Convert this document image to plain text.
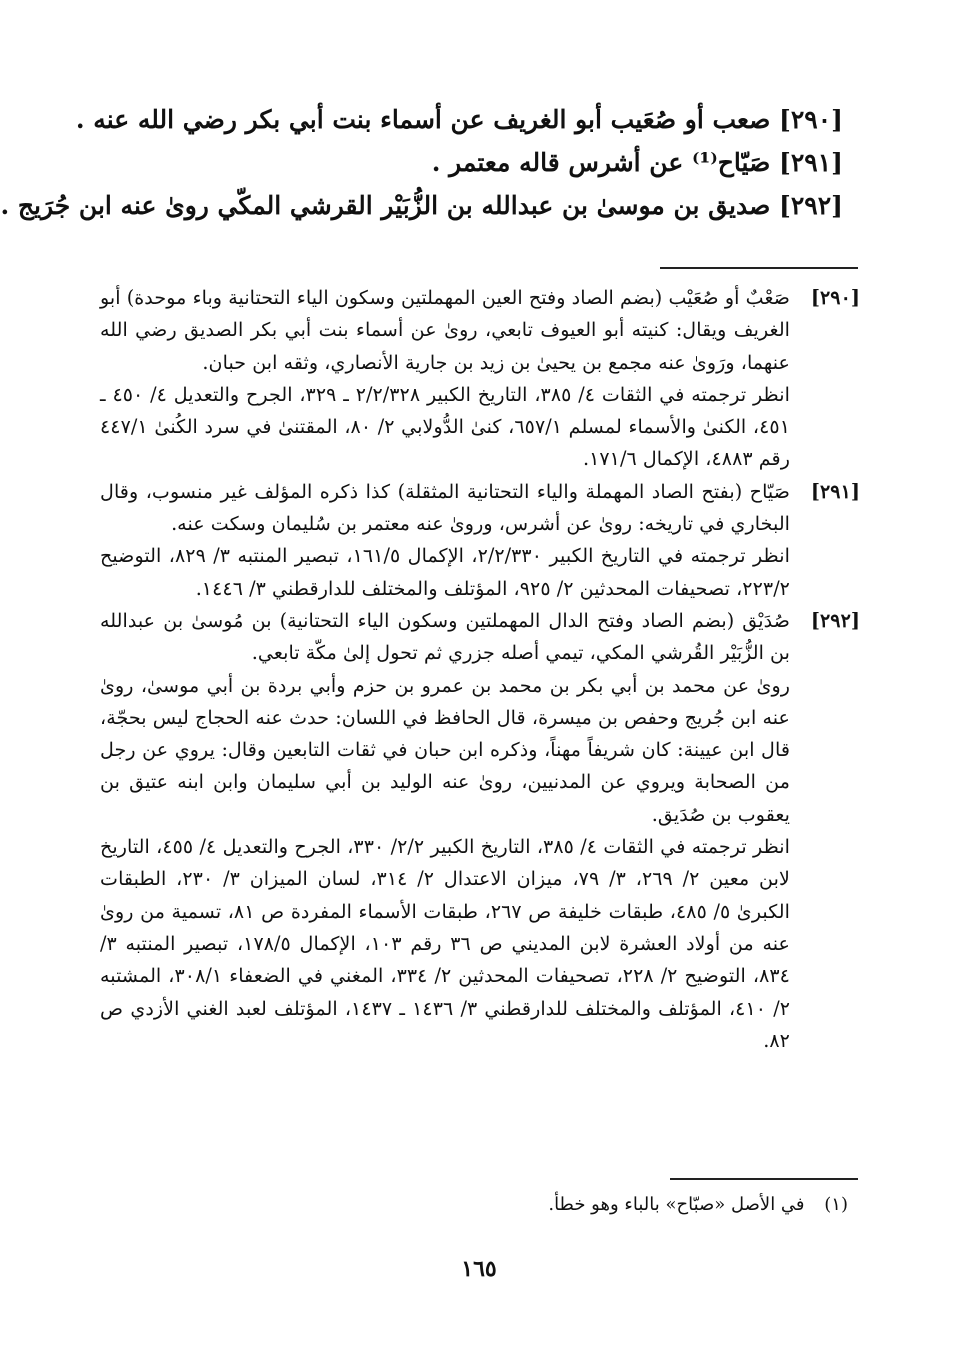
[٢٩٠] صعب أو صُعَيب أبو الغريف عن أسماء بنت أبي بكر رضي الله عنه .
[٢٩١] صَيّاح⁽¹⁾ عن أشرس قاله معتمر .
[٢٩٢] صديق بن موسىٰ بن عبدالله بن الزُّبَيْر القرشي المكّي روىٰ عنه ابن جُرَيج .
[٢٩٠]
صَعْبٌ أو صُعَيْب (بضم الصاد وفتح العين المهملتين وسكون الياء التحتانية وباء موحدة) أبو الغريف ويقال: كنيته أبو العيوف تابعي، روىٰ عن أسماء بنت أبي بكر الصديق رضي الله عنهما، ورَوىٰ عنه مجمع بن يحيىٰ بن زيد بن جارية الأنصاري، وثقه ابن حبان.
انظر ترجمته في الثقات ٤/ ٣٨٥، التاريخ الكبير ٢/٢/٣٢٨ ـ ٣٢٩، الجرح والتعديل ٤/ ٤٥٠ ـ ٤٥١، الكنىٰ والأسماء لمسلم ٦٥٧/١، كنىٰ الدُّولابي ٢/ ٨٠، المقتنىٰ في سرد الكُنىٰ ٤٤٧/١ رقم ٤٨٨٣، الإكمال ١٧١/٦.
[٢٩١]
صَيّاح (بفتح الصاد المهملة والياء التحتانية المثقلة) كذا ذكره المؤلف غير منسوب، وقال البخاري في تاريخه: روىٰ عن أشرس، وروىٰ عنه معتمر بن سُليمان وسكت عنه.
انظر ترجمته في التاريخ الكبير ٢/٢/٣٣٠، الإكمال ١٦١/٥، تبصير المنتبه ٣/ ٨٢٩، التوضيح ٢٢٣/٢، تصحيفات المحدثين ٢/ ٩٢٥، المؤتلف والمختلف للدارقطني ٣/ ١٤٤٦.
[٢٩٢]
صُدَيْق (بضم الصاد وفتح الدال المهملتين وسكون الياء التحتانية) بن مُوسىٰ بن عبدالله بن الزُّبَيْر القُرشي المكي، تيمي أصله جزري ثم تحول إلىٰ مكّة تابعي.
روىٰ عن محمد بن أبي بكر بن محمد بن عمرو بن حزم وأبي بردة بن أبي موسىٰ، روىٰ عنه ابن جُريج وحفص بن ميسرة، قال الحافظ في اللسان: حدث عنه الحجاج ليس بحجّة، قال ابن عيينة: كان شريفاً مهناً، وذكره ابن حبان في ثقات التابعين وقال: يروي عن رجل من الصحابة ويروي عن المدنيين، روىٰ عنه الوليد بن أبي سليمان وابن ابنه عتيق بن يعقوب بن صُدَيق.
انظر ترجمته في الثقات ٤/ ٣٨٥، التاريخ الكبير ٢/٢/ ٣٣٠، الجرح والتعديل ٤/ ٤٥٥، التاريخ لابن معين ٢/ ٢٦٩، ٣/ ٧٩، ميزان الاعتدال ٢/ ٣١٤، لسان الميزان ٣/ ٢٣٠، الطبقات الكبرىٰ ٥/ ٤٨٥، طبقات خليفة ص ٢٦٧، طبقات الأسماء المفردة ص ٨١، تسمية من روىٰ عنه من أولاد العشرة لابن المديني ص ٣٦ رقم ١٠٣، الإكمال ١٧٨/٥، تبصير المنتبه ٣/ ٨٣٤، التوضيح ٢/ ٢٢٨، تصحيفات المحدثين ٢/ ٣٣٤، المغني في الضعفاء ٣٠٨/١، المشتبه ٢/ ٤١٠، المؤتلف والمختلف للدارقطني ٣/ ١٤٣٦ ـ ١٤٣٧، المؤتلف لعبد الغني الأزدي ص ٨٢.
(١) في الأصل «صبّاح» بالباء وهو خطأ.
١٦٥
